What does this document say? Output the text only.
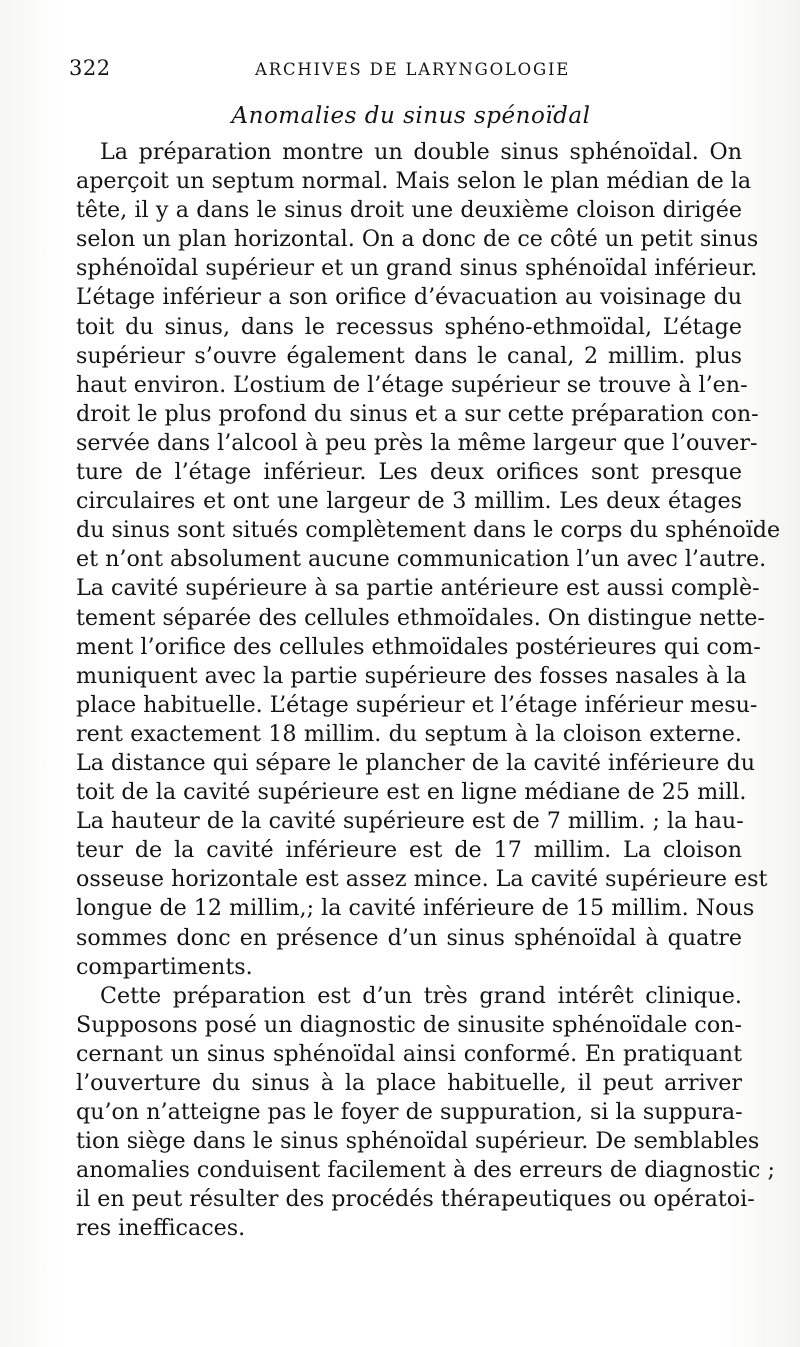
322	ARCHIVES DE LARYNGOLOGIE
Anomalies du sinus spénoïdal
La préparation montre un double sinus sphénoïdal. On
aperçoit un septum normal. Mais selon le plan médian de la
tête, il y a dans le sinus droit une deuxième cloison dirigée
selon un plan horizontal. On a donc de ce côté un petit sinus
sphénoïdal supérieur et un grand sinus sphénoïdal inférieur.
L’étage inférieur a son orifice d’évacuation au voisinage du
toit du sinus, dans le recessus sphéno-ethmoïdal, L’étage
supérieur s’ouvre également dans le canal, 2 millim. plus
haut environ. L’ostium de l’étage supérieur se trouve à l’en-
droit le plus profond du sinus et a sur cette préparation con-
servée dans l’alcool à peu près la même largeur que l’ouver-
ture de l’étage inférieur. Les deux orifices sont presque
circulaires et ont une largeur de 3 millim. Les deux étages
du sinus sont situés complètement dans le corps du sphénoïde
et n’ont absolument aucune communication l’un avec l’autre.
La cavité supérieure à sa partie antérieure est aussi complè-
tement séparée des cellules ethmoïdales. On distingue nette-
ment l’orifice des cellules ethmoïdales postérieures qui com-
muniquent avec la partie supérieure des fosses nasales à la
place habituelle. L’étage supérieur et l’étage inférieur mesu-
rent exactement 18 millim. du septum à la cloison externe.
La distance qui sépare le plancher de la cavité inférieure du
toit de la cavité supérieure est en ligne médiane de 25 mill.
La hauteur de la cavité supérieure est de 7 millim. ; la hau-
teur de la cavité inférieure est de 17 millim. La cloison
osseuse horizontale est assez mince. La cavité supérieure est
longue de 12 millim,; la cavité inférieure de 15 millim. Nous
sommes donc en présence d’un sinus sphénoïdal à quatre
compartiments.
Cette préparation est d’un très grand intérêt clinique.
Supposons posé un diagnostic de sinusite sphénoïdale con-
cernant un sinus sphénoïdal ainsi conformé. En pratiquant
l’ouverture du sinus à la place habituelle, il peut arriver
qu’on n’atteigne pas le foyer de suppuration, si la suppura-
tion siège dans le sinus sphénoïdal supérieur. De semblables
anomalies conduisent facilement à des erreurs de diagnostic ;
il en peut résulter des procédés thérapeutiques ou opératoi-
res inefficaces.
